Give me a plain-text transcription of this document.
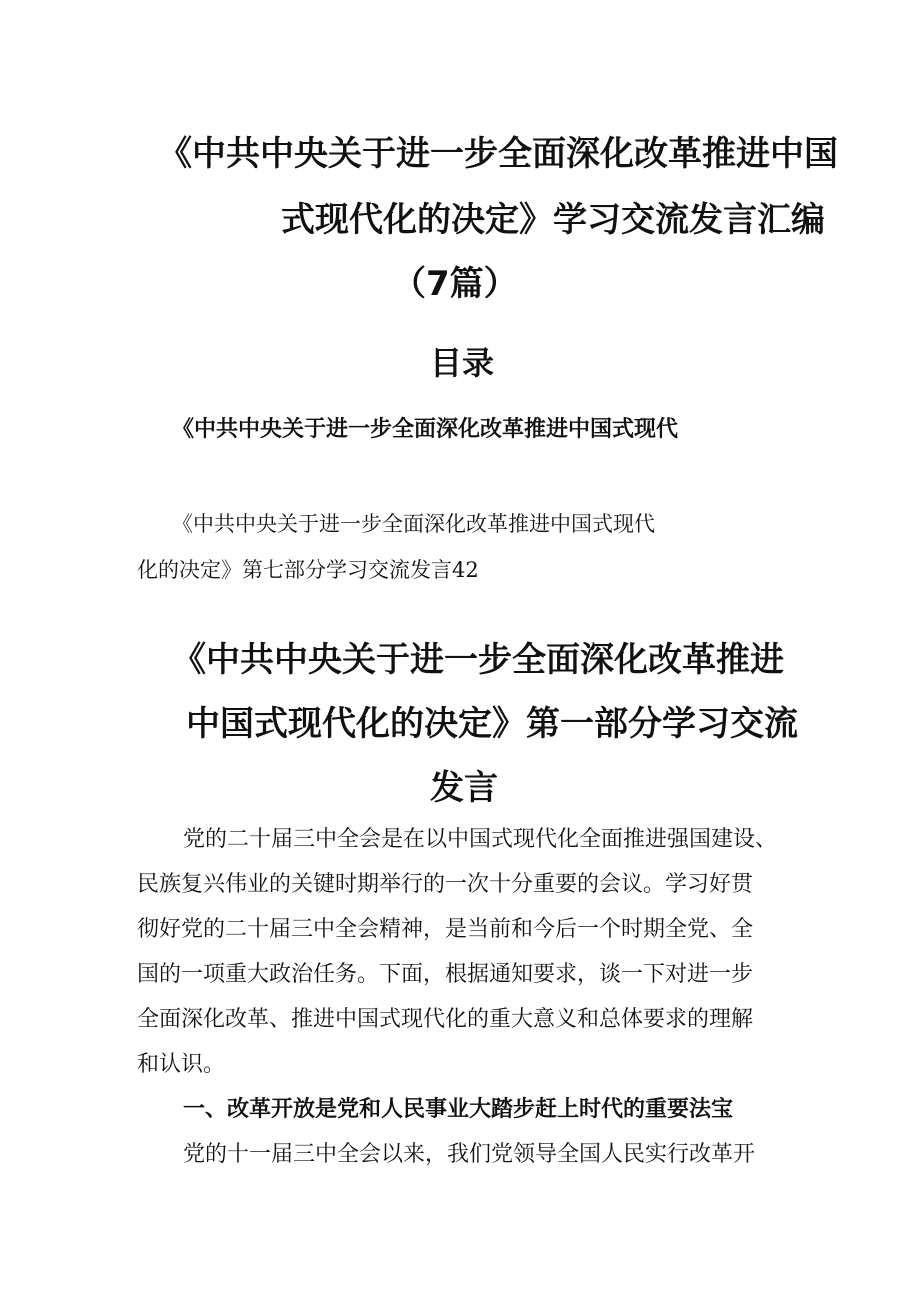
《中共中央关于进一步全面深化改革推进中国
式现代化的决定》学习交流发言汇编
（7篇）
目录
《中共中央关于进一步全面深化改革推进中国式现代
《中共中央关于进一步全面深化改革推进中国式现代
化的决定》第七部分学习交流发言42
《中共中央关于进一步全面深化改革推进
中国式现代化的决定》第一部分学习交流
发言
党的二十届三中全会是在以中国式现代化全面推进强国建设、
民族复兴伟业的关键时期举行的一次十分重要的会议。学习好贯
彻好党的二十届三中全会精神，是当前和今后一个时期全党、全
国的一项重大政治任务。下面，根据通知要求，谈一下对进一步
全面深化改革、推进中国式现代化的重大意义和总体要求的理解
和认识。
一、改革开放是党和人民事业大踏步赶上时代的重要法宝
党的十一届三中全会以来，我们党领导全国人民实行改革开
